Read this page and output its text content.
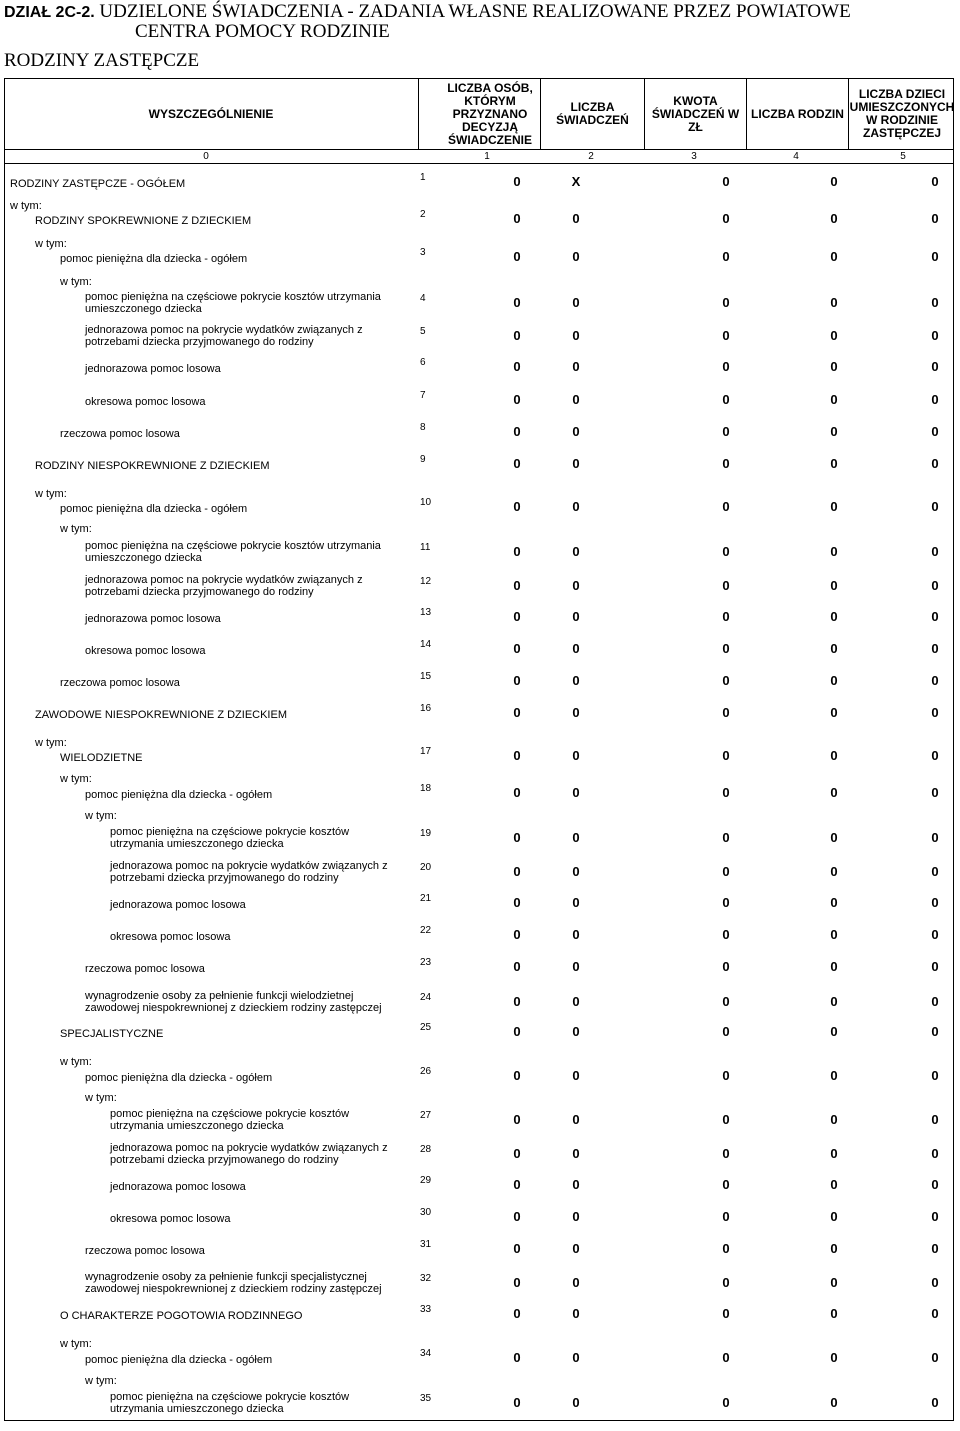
DZIAŁ 2C-2. UDZIELONE ŚWIADCZENIA - ZADANIA WŁASNE REALIZOWANE PRZEZ POWIATOWE
CENTRA POMOCY RODZINIE
RODZINY ZASTĘPCZE
WYSZCZEGÓLNIENIE
LICZBA OSÓB, KTÓRYM PRZYZNANO DECYZJĄ ŚWIADCZENIE
LICZBA ŚWIADCZEŃ
KWOTA ŚWIADCZEŃ W ZŁ
LICZBA RODZIN
LICZBA DZIECI UMIESZCZONYCH W RODZINIE ZASTĘPCZEJ
0	1	2	3	4	5
RODZINY ZASTĘPCZE - OGÓŁEM
1	0	X	0	0	0
w tym:
RODZINY SPOKREWNIONE Z DZIECKIEM
2	0	0	0	0	0
w tym:
pomoc pieniężna dla dziecka - ogółem
3	0	0	0	0	0
w tym:
pomoc pieniężna na częściowe pokrycie kosztów utrzymania umieszczonego dziecka
4	0	0	0	0	0
jednorazowa pomoc na pokrycie wydatków związanych z potrzebami dziecka przyjmowanego do rodziny
5	0	0	0	0	0
jednorazowa pomoc losowa
6	0	0	0	0	0
okresowa pomoc losowa
7	0	0	0	0	0
rzeczowa pomoc losowa
8	0	0	0	0	0
RODZINY NIESPOKREWNIONE Z DZIECKIEM
9	0	0	0	0	0
w tym:
pomoc pieniężna dla dziecka - ogółem
10	0	0	0	0	0
w tym:
pomoc pieniężna na częściowe pokrycie kosztów utrzymania umieszczonego dziecka
11	0	0	0	0	0
jednorazowa pomoc na pokrycie wydatków związanych z potrzebami dziecka przyjmowanego do rodziny
12	0	0	0	0	0
jednorazowa pomoc losowa
13	0	0	0	0	0
okresowa pomoc losowa
14	0	0	0	0	0
rzeczowa pomoc losowa
15	0	0	0	0	0
ZAWODOWE NIESPOKREWNIONE Z DZIECKIEM
16	0	0	0	0	0
w tym:
WIELODZIETNE
17	0	0	0	0	0
w tym:
pomoc pieniężna dla dziecka - ogółem
18	0	0	0	0	0
w tym:
pomoc pieniężna na częściowe pokrycie kosztów utrzymania umieszczonego dziecka
19	0	0	0	0	0
jednorazowa pomoc na pokrycie wydatków związanych z potrzebami dziecka przyjmowanego do rodziny
20	0	0	0	0	0
jednorazowa pomoc losowa
21	0	0	0	0	0
okresowa pomoc losowa
22	0	0	0	0	0
rzeczowa pomoc losowa
23	0	0	0	0	0
wynagrodzenie osoby za pełnienie funkcji wielodzietnej zawodowej niespokrewnionej z dzieckiem rodziny zastępczej
24	0	0	0	0	0
SPECJALISTYCZNE
25	0	0	0	0	0
w tym:
pomoc pieniężna dla dziecka - ogółem
26	0	0	0	0	0
w tym:
pomoc pieniężna na częściowe pokrycie kosztów utrzymania umieszczonego dziecka
27	0	0	0	0	0
jednorazowa pomoc na pokrycie wydatków związanych z potrzebami dziecka przyjmowanego do rodziny
28	0	0	0	0	0
jednorazowa pomoc losowa
29	0	0	0	0	0
okresowa pomoc losowa
30	0	0	0	0	0
rzeczowa pomoc losowa
31	0	0	0	0	0
wynagrodzenie osoby za pełnienie funkcji specjalistycznej zawodowej niespokrewnionej z dzieckiem rodziny zastępczej
32	0	0	0	0	0
O CHARAKTERZE POGOTOWIA RODZINNEGO
33	0	0	0	0	0
w tym:
pomoc pieniężna dla dziecka - ogółem
34	0	0	0	0	0
w tym:
pomoc pieniężna na częściowe pokrycie kosztów utrzymania umieszczonego dziecka
35	0	0	0	0	0
